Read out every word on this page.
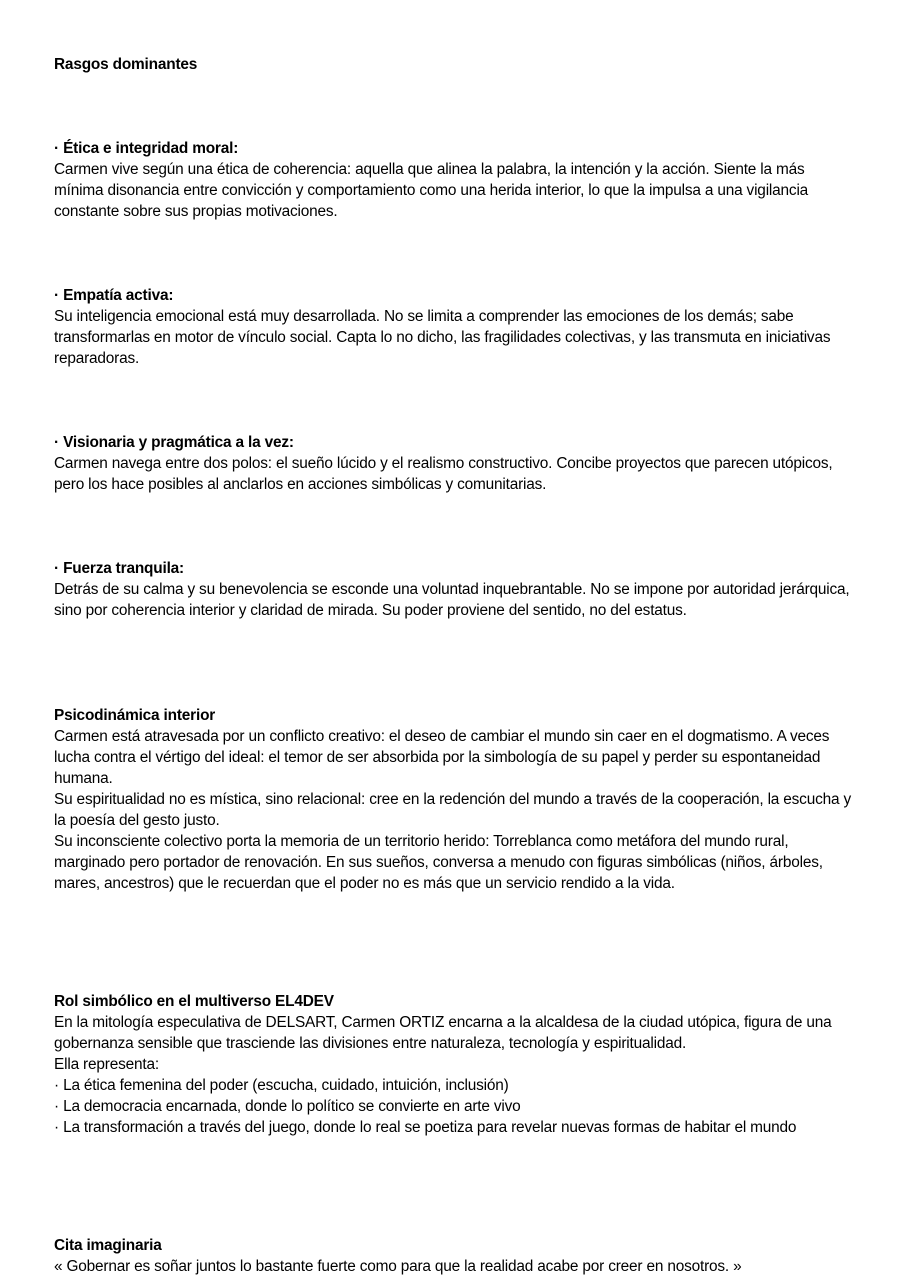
Rasgos dominantes
· Ética e integridad moral:
Carmen vive según una ética de coherencia: aquella que alinea la palabra, la intención y la acción. Siente la más mínima disonancia entre convicción y comportamiento como una herida interior, lo que la impulsa a una vigilancia constante sobre sus propias motivaciones.
· Empatía activa:
Su inteligencia emocional está muy desarrollada. No se limita a comprender las emociones de los demás; sabe transformarlas en motor de vínculo social. Capta lo no dicho, las fragilidades colectivas, y las transmuta en iniciativas reparadoras.
· Visionaria y pragmática a la vez:
Carmen navega entre dos polos: el sueño lúcido y el realismo constructivo. Concibe proyectos que parecen utópicos, pero los hace posibles al anclarlos en acciones simbólicas y comunitarias.
· Fuerza tranquila:
Detrás de su calma y su benevolencia se esconde una voluntad inquebrantable. No se impone por autoridad jerárquica, sino por coherencia interior y claridad de mirada. Su poder proviene del sentido, no del estatus.
Psicodinámica interior
Carmen está atravesada por un conflicto creativo: el deseo de cambiar el mundo sin caer en el dogmatismo. A veces lucha contra el vértigo del ideal: el temor de ser absorbida por la simbología de su papel y perder su espontaneidad humana.
Su espiritualidad no es mística, sino relacional: cree en la redención del mundo a través de la cooperación, la escucha y la poesía del gesto justo.
Su inconsciente colectivo porta la memoria de un territorio herido: Torreblanca como metáfora del mundo rural, marginado pero portador de renovación. En sus sueños, conversa a menudo con figuras simbólicas (niños, árboles, mares, ancestros) que le recuerdan que el poder no es más que un servicio rendido a la vida.
Rol simbólico en el multiverso EL4DEV
En la mitología especulativa de DELSART, Carmen ORTIZ encarna a la alcaldesa de la ciudad utópica, figura de una gobernanza sensible que trasciende las divisiones entre naturaleza, tecnología y espiritualidad.
Ella representa:
· La ética femenina del poder (escucha, cuidado, intuición, inclusión)
· La democracia encarnada, donde lo político se convierte en arte vivo
· La transformación a través del juego, donde lo real se poetiza para revelar nuevas formas de habitar el mundo
Cita imaginaria
« Gobernar es soñar juntos lo bastante fuerte como para que la realidad acabe por creer en nosotros. »
